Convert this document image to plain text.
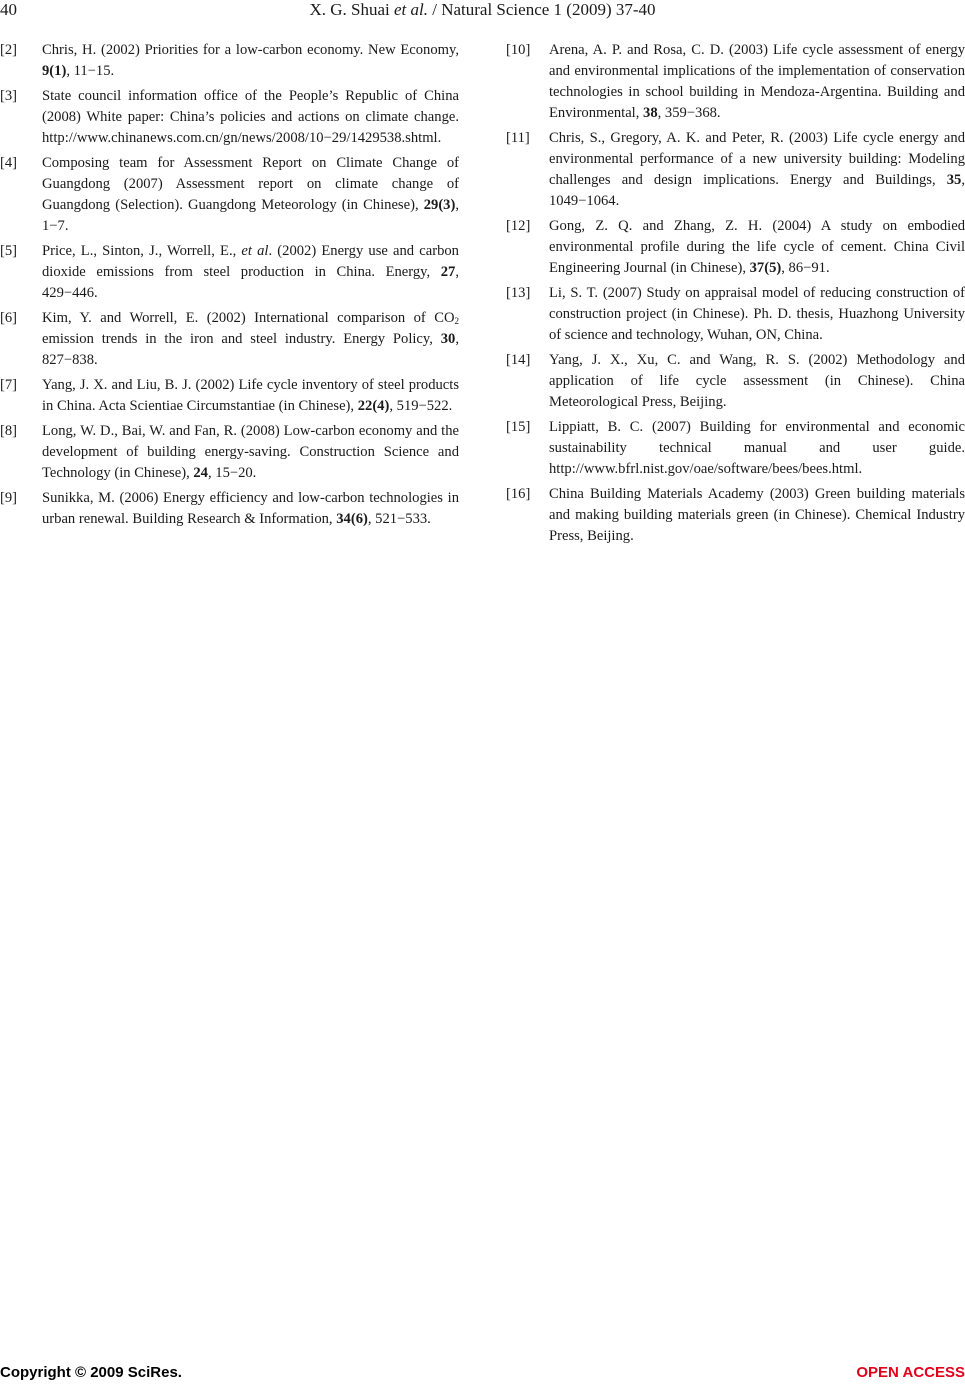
40	X. G. Shuai et al. / Natural Science 1 (2009) 37-40
[2]	Chris, H. (2002) Priorities for a low-carbon economy. New Economy, 9(1), 11−15.
[3]	State council information office of the People’s Republic of China (2008) White paper: China’s policies and actions on climate change. http://www.chinanews.com.cn/gn/news/2008/10−29/1429538.shtml.
[4]	Composing team for Assessment Report on Climate Change of Guangdong (2007) Assessment report on climate change of Guangdong (Selection). Guangdong Meteorology (in Chinese), 29(3), 1−7.
[5]	Price, L., Sinton, J., Worrell, E., et al. (2002) Energy use and carbon dioxide emissions from steel production in China. Energy, 27, 429−446.
[6]	Kim, Y. and Worrell, E. (2002) International comparison of $CO_2$ emission trends in the iron and steel industry. Energy Policy, 30, 827−838.
[7]	Yang, J. X. and Liu, B. J. (2002) Life cycle inventory of steel products in China. Acta Scientiae Circumstantiae (in Chinese), 22(4), 519−522.
[8]	Long, W. D., Bai, W. and Fan, R. (2008) Low-carbon economy and the development of building energy-saving. Construction Science and Technology (in Chinese), 24, 15−20.
[9]	Sunikka, M. (2006) Energy efficiency and low-carbon technologies in urban renewal. Building Research & Information, 34(6), 521−533.
[10]	Arena, A. P. and Rosa, C. D. (2003) Life cycle assessment of energy and environmental implications of the implementation of conservation technologies in school building in Mendoza-Argentina. Building and Environmental, 38, 359−368.
[11]	Chris, S., Gregory, A. K. and Peter, R. (2003) Life cycle energy and environmental performance of a new university building: Modeling challenges and design implications. Energy and Buildings, 35, 1049−1064.
[12]	Gong, Z. Q. and Zhang, Z. H. (2004) A study on embodied environmental profile during the life cycle of cement. China Civil Engineering Journal (in Chinese), 37(5), 86−91.
[13]	Li, S. T. (2007) Study on appraisal model of reducing construction of construction project (in Chinese). Ph. D. thesis, Huazhong University of science and technology, Wuhan, ON, China.
[14]	Yang, J. X., Xu, C. and Wang, R. S. (2002) Methodology and application of life cycle assessment (in Chinese). China Meteorological Press, Beijing.
[15]	Lippiatt, B. C. (2007) Building for environmental and economic sustainability technical manual and user guide. http://www.bfrl.nist.gov/oae/software/bees/bees.html.
[16]	China Building Materials Academy (2003) Green building materials and making building materials green (in Chinese). Chemical Industry Press, Beijing.
Copyright © 2009 SciRes.	OPEN ACCESS
